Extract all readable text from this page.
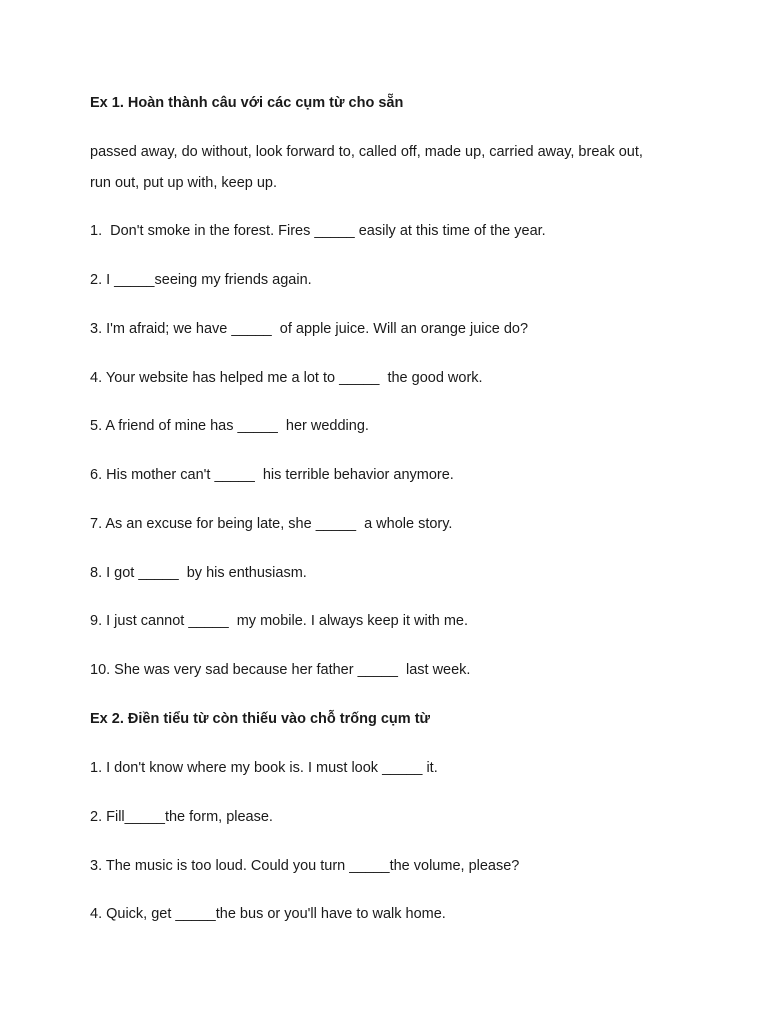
Ex 1. Hoàn thành câu với các cụm từ cho sẵn
passed away, do without, look forward to, called off, made up, carried away, break out,
run out, put up with, keep up.
1.  Don't smoke in the forest. Fires _____ easily at this time of the year.
2. I _____seeing my friends again.
3. I'm afraid; we have _____  of apple juice. Will an orange juice do?
4. Your website has helped me a lot to _____  the good work.
5. A friend of mine has _____  her wedding.
6. His mother can't _____  his terrible behavior anymore.
7. As an excuse for being late, she _____  a whole story.
8. I got _____  by his enthusiasm.
9. I just cannot _____  my mobile. I always keep it with me.
10. She was very sad because her father _____  last week.
Ex 2. Điền tiểu từ còn thiếu vào chỗ trống cụm từ
1. I don't know where my book is. I must look _____ it.
2. Fill_____the form, please.
3. The music is too loud. Could you turn _____the volume, please?
4. Quick, get _____the bus or you'll have to walk home.
